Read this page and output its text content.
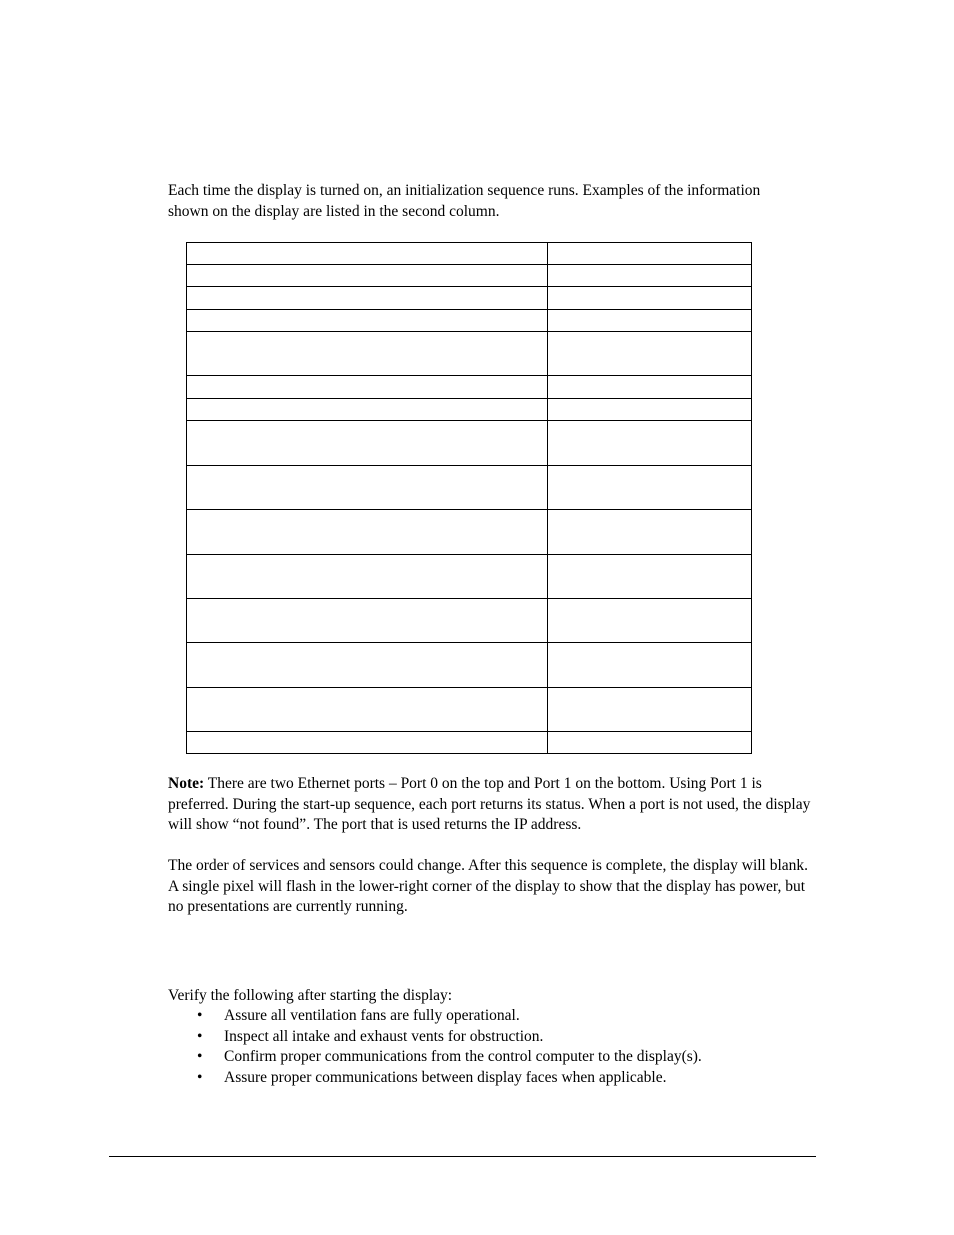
Each time the display is turned on, an initialization sequence runs. Examples of the information shown on the display are listed in the second column.

Note: There are two Ethernet ports – Port 0 on the top and Port 1 on the bottom. Using Port 1 is preferred. During the start-up sequence, each port returns its status. When a port is not used, the display will show “not found”. The port that is used returns the IP address.

The order of services and sensors could change. After this sequence is complete, the display will blank. A single pixel will flash in the lower-right corner of the display to show that the display has power, but no presentations are currently running.

Verify the following after starting the display:

• Assure all ventilation fans are fully operational.
• Inspect all intake and exhaust vents for obstruction.
• Confirm proper communications from the control computer to the display(s).
• Assure proper communications between display faces when applicable.
